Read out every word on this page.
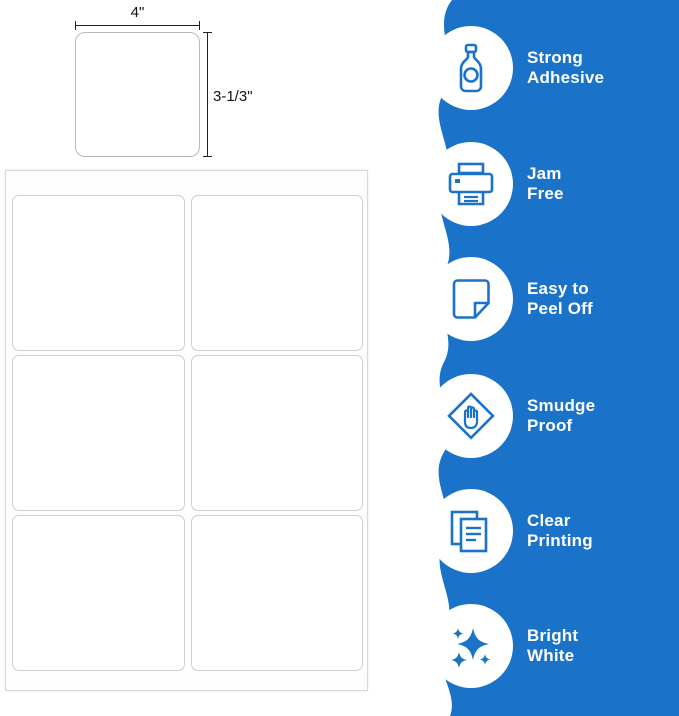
4"
3-1/3"
Strong
Adhesive
Jam
Free
Easy to
Peel Off
Smudge
Proof
Clear
Printing
Bright
White
